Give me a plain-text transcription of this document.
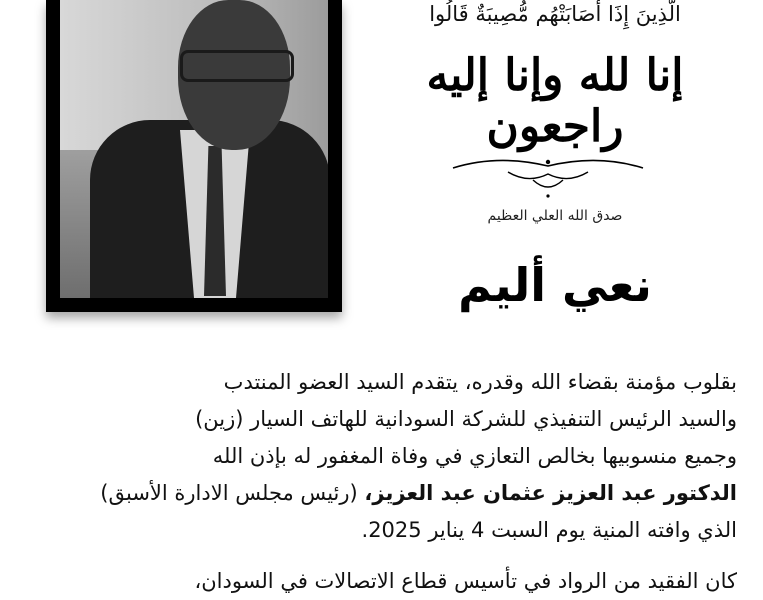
الَّذِينَ إِذَا أَصَابَتْهُم مُّصِيبَةٌ قَالُوا
إنا لله وإنا إليه راجعون
صدق الله العلي العظيم
نعي أليم
بقلوب مؤمنة بقضاء الله وقدره، يتقدم السيد العضو المنتدب
والسيد الرئيس التنفيذي للشركة السودانية للهاتف السيار (زين)
وجميع منسوبيها بخالص التعازي في وفاة المغفور له بإذن الله
الدكتور عبد العزيز عثمان عبد العزيز، (رئيس مجلس الادارة الأسبق)
الذي وافته المنية يوم السبت 4 يناير 2025.
كان الفقيد من الرواد في تأسيس قطاع الاتصالات في السودان،
